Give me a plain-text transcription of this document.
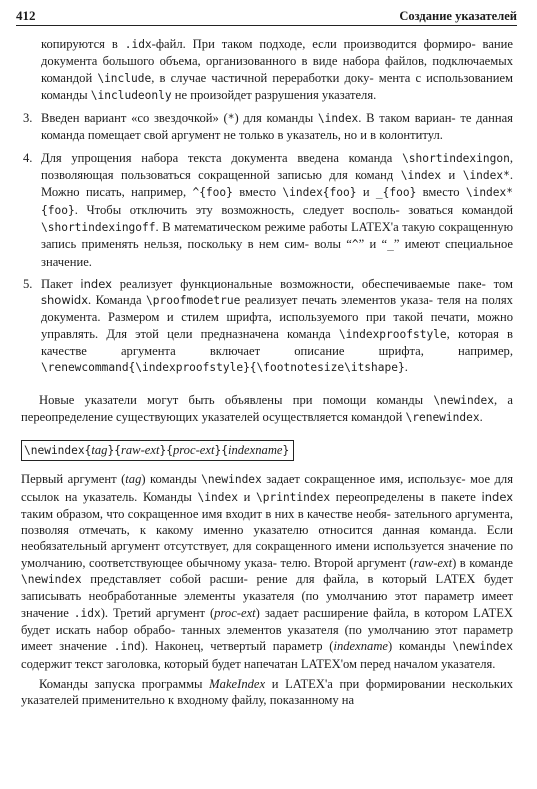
412	Создание указателей
копируются в .idx-файл. При таком подходе, если производится формиро- вание документа большого объема, организованного в виде набора файлов, подключаемых командой \include, в случае частичной переработки доку- мента с использованием команды \includeonly не произойдет разрушения указателя.
3. Введен вариант «со звездочкой» (*) для команды \index. В таком вариан- те данная команда помещает свой аргумент не только в указатель, но и в колонтитул.
4. Для упрощения набора текста документа введена команда \shortindexingon, позволяющая пользоваться сокращенной записью для команд \index и \index*. Можно писать, например, ^{foo} вместо \index{foo} и _{foo} вместо \index*{foo}. Чтобы отключить эту возможность, следует восполь- зоваться командой \shortindexingoff. В математическом режиме работы LATEX'а такую сокращенную запись применять нельзя, поскольку в нем сим- волы “^” и “_” имеют специальное значение.
5. Пакет index реализует функциональные возможности, обеспечиваемые паке- том showidx. Команда \proofmodetrue реализует печать элементов указа- теля на полях документа. Размером и стилем шрифта, используемого при такой печати, можно управлять. Для этой цели предназначена команда \indexproofstyle, которая в качестве аргумента включает описание шрифта,	например, \renewcommand{\indexproofstyle}{\footnotesize\itshape}.
Новые указатели могут быть объявлены при помощи команды \newindex, а переопределение существующих указателей осуществляется командой \renewindex.
\newindex{tag}{raw-ext}{proc-ext}{indexname}
Первый аргумент (tag) команды \newindex задает сокращенное имя, использує- мое для ссылок на указатель. Команды \index и \printindex переопределены в пакете index таким образом, что сокращенное имя входит в них в качестве необя- зательного аргумента, позволяя отмечать, к какому именно указателю относится данная команда. Если необязательный аргумент отсутствует, для сокращенного имени используется значение по умолчанию, соответствующее обычному указа- телю. Второй аргумент (raw-ext) в команде \newindex представляет собой расши- рение для файла, в который LATEX будет записывать необработанные элементы указателя (по умолчанию этот параметр имеет значение .idx). Третий аргумент (proc-ext) задает расширение файла, в котором LATEX будет искать набор обрабо- танных элементов указателя (по умолчанию этот параметр имеет значение .ind). Наконец, четвертый параметр (indexname) команды \newindex содержит текст заголовка, который будет напечатан LATEX'ом перед началом указателя.
Команды запуска программы MakeIndex и LATEX'а при формировании нескольких указателей применительно к входному файлу, показанному на
